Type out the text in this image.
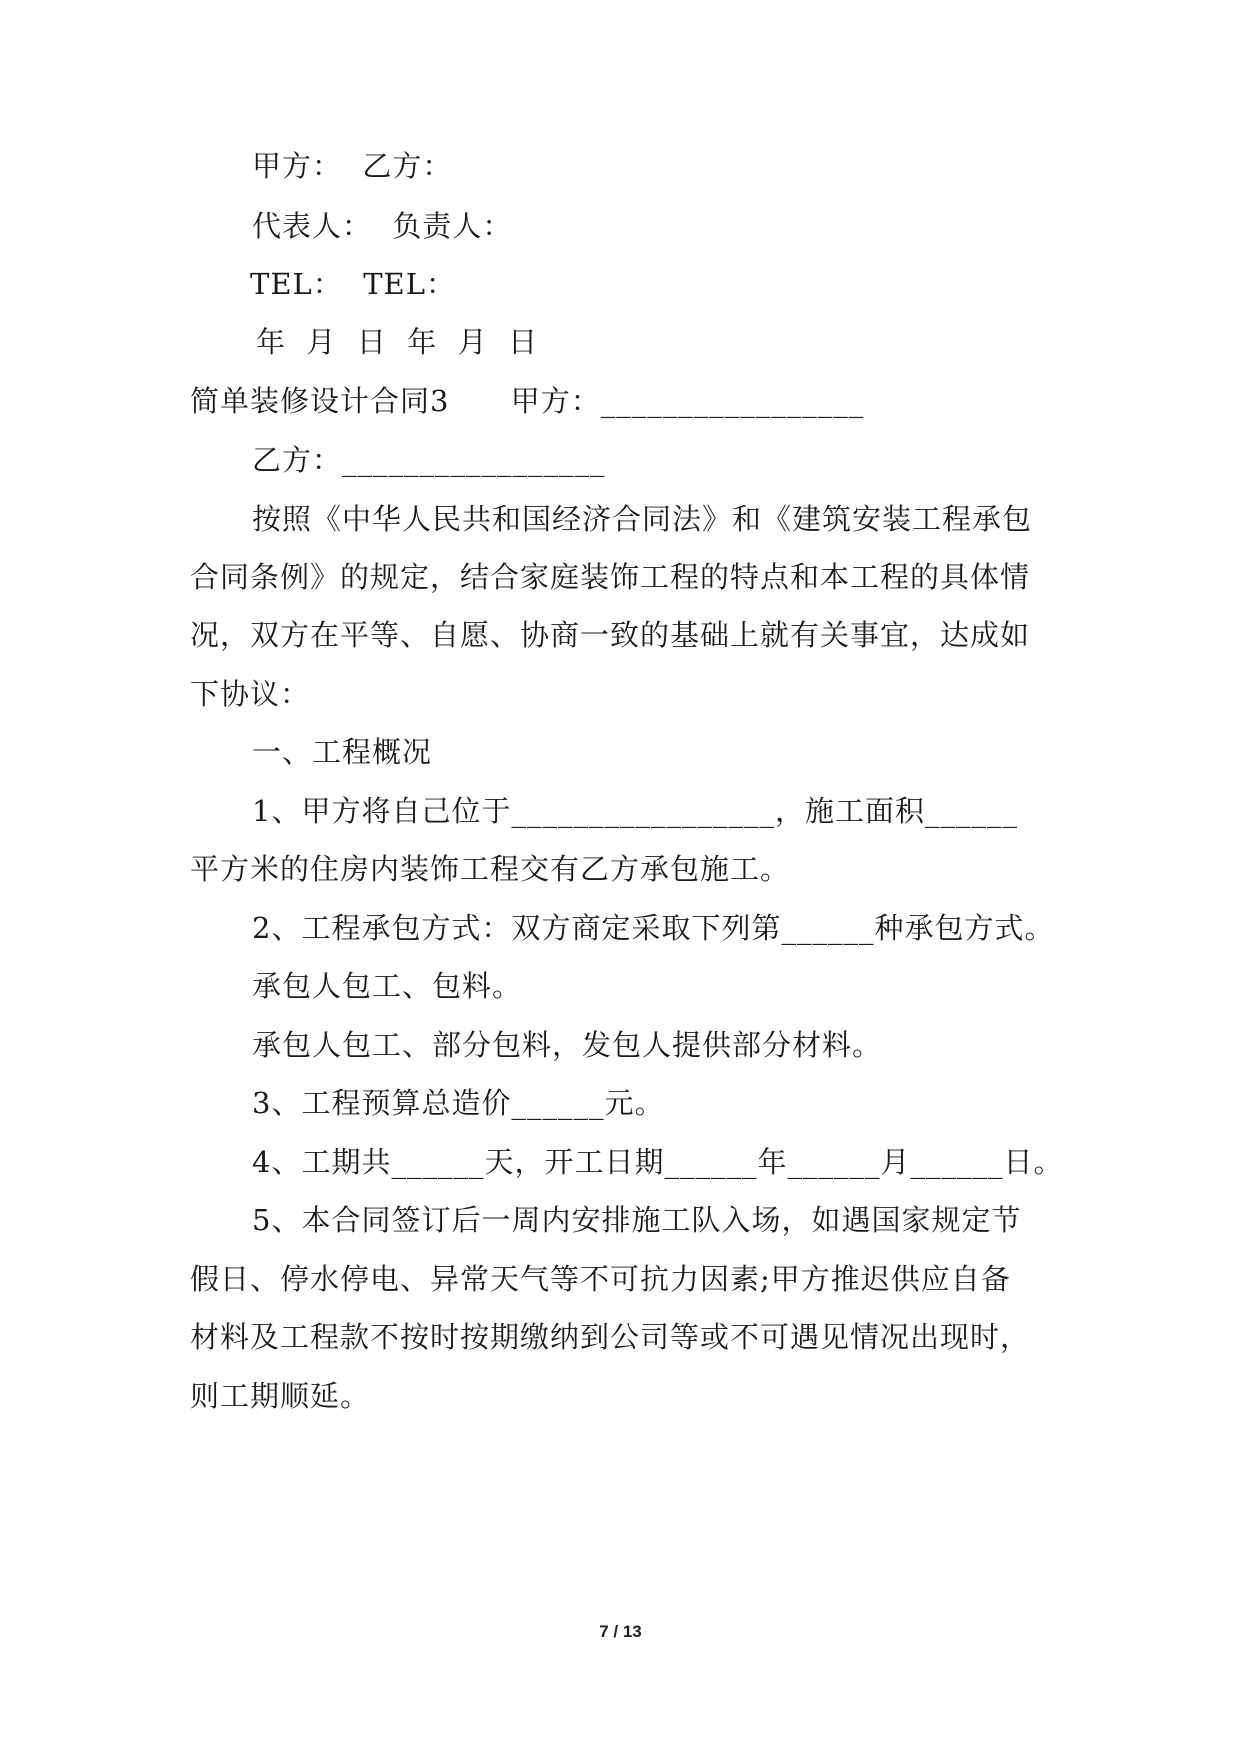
甲方：  乙方：
代表人：  负责人：
TEL：  TEL：
年  月  日  年  月  日
简单装修设计合同3      甲方：_________________
乙方：_________________
按照《中华人民共和国经济合同法》和《建筑安装工程承包
合同条例》的规定，结合家庭装饰工程的特点和本工程的具体情
况，双方在平等、自愿、协商一致的基础上就有关事宜，达成如
下协议：
一、工程概况
1、甲方将自己位于_________________，施工面积______
平方米的住房内装饰工程交有乙方承包施工。
2、工程承包方式：双方商定采取下列第______种承包方式。
承包人包工、包料。
承包人包工、部分包料，发包人提供部分材料。
3、工程预算总造价______元。
4、工期共______天，开工日期______年______月______日。
5、本合同签订后一周内安排施工队入场，如遇国家规定节
假日、停水停电、异常天气等不可抗力因素;甲方推迟供应自备
材料及工程款不按时按期缴纳到公司等或不可遇见情况出现时，
则工期顺延。
7 / 13
